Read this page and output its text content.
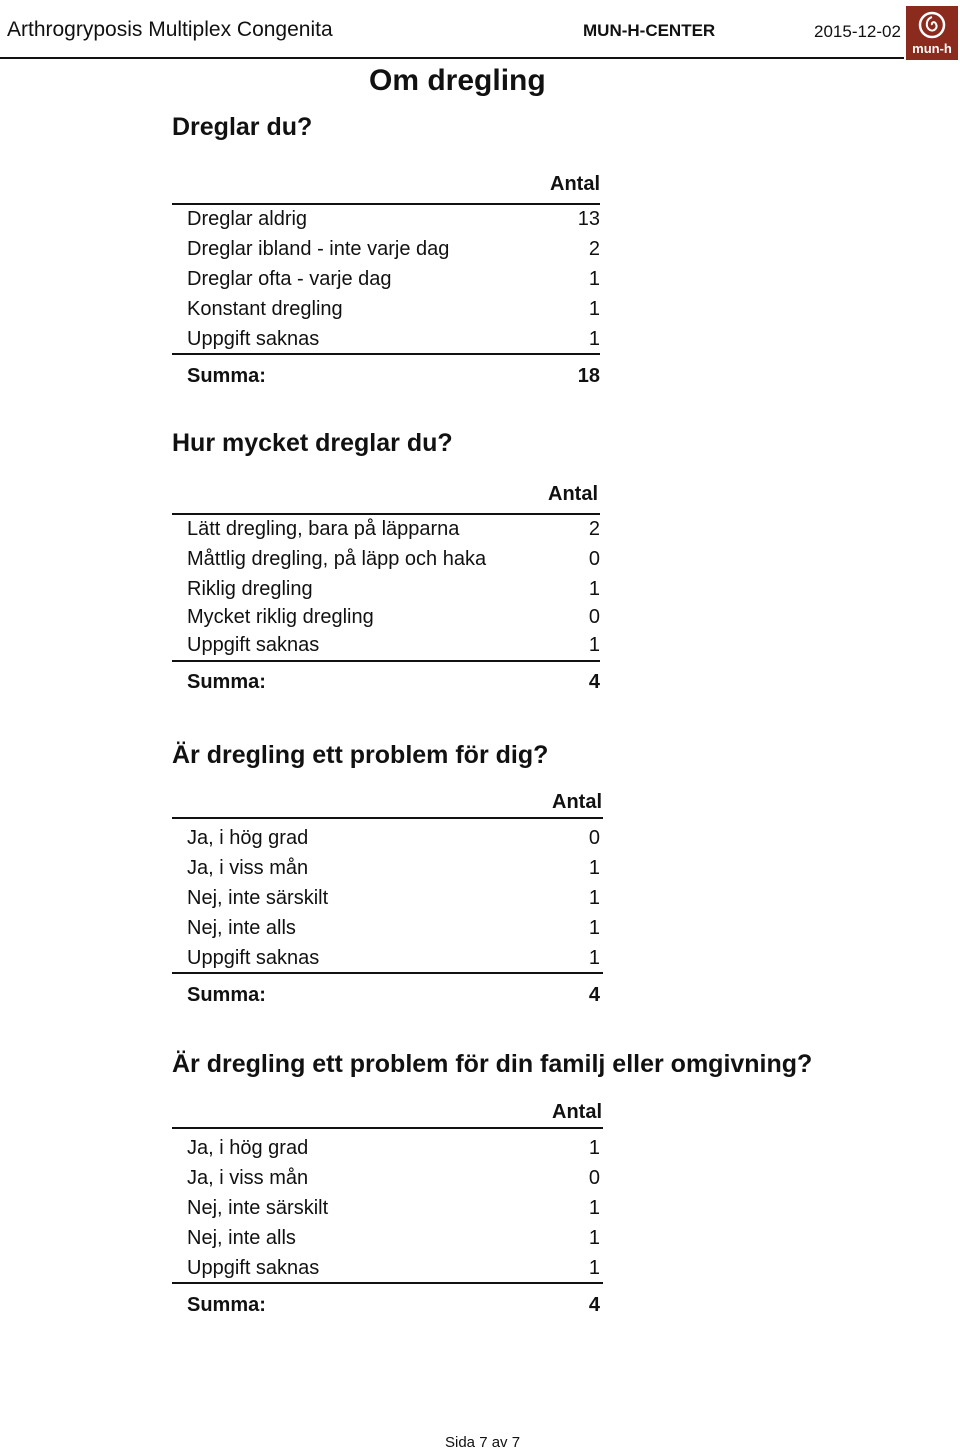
Arthrogryposis Multiplex Congenita	MUN-H-CENTER	2015-12-02
mun-h
Om dregling
Dreglar du?
Antal
Dreglar aldrig	13
Dreglar ibland - inte varje dag	2
Dreglar ofta - varje dag	1
Konstant dregling	1
Uppgift saknas	1
Summa:	18
Hur mycket dreglar du?
Antal
Lätt dregling, bara på läpparna	2
Måttlig dregling, på läpp och haka	0
Riklig dregling	1
Mycket riklig dregling	0
Uppgift saknas	1
Summa:	4
Är dregling ett problem för dig?
Antal
Ja, i hög grad	0
Ja, i viss mån	1
Nej, inte särskilt	1
Nej, inte alls	1
Uppgift saknas	1
Summa:	4
Är dregling ett problem för din familj eller omgivning?
Antal
Ja, i hög grad	1
Ja, i viss mån	0
Nej, inte särskilt	1
Nej, inte alls	1
Uppgift saknas	1
Summa:	4
Sida 7 av 7
